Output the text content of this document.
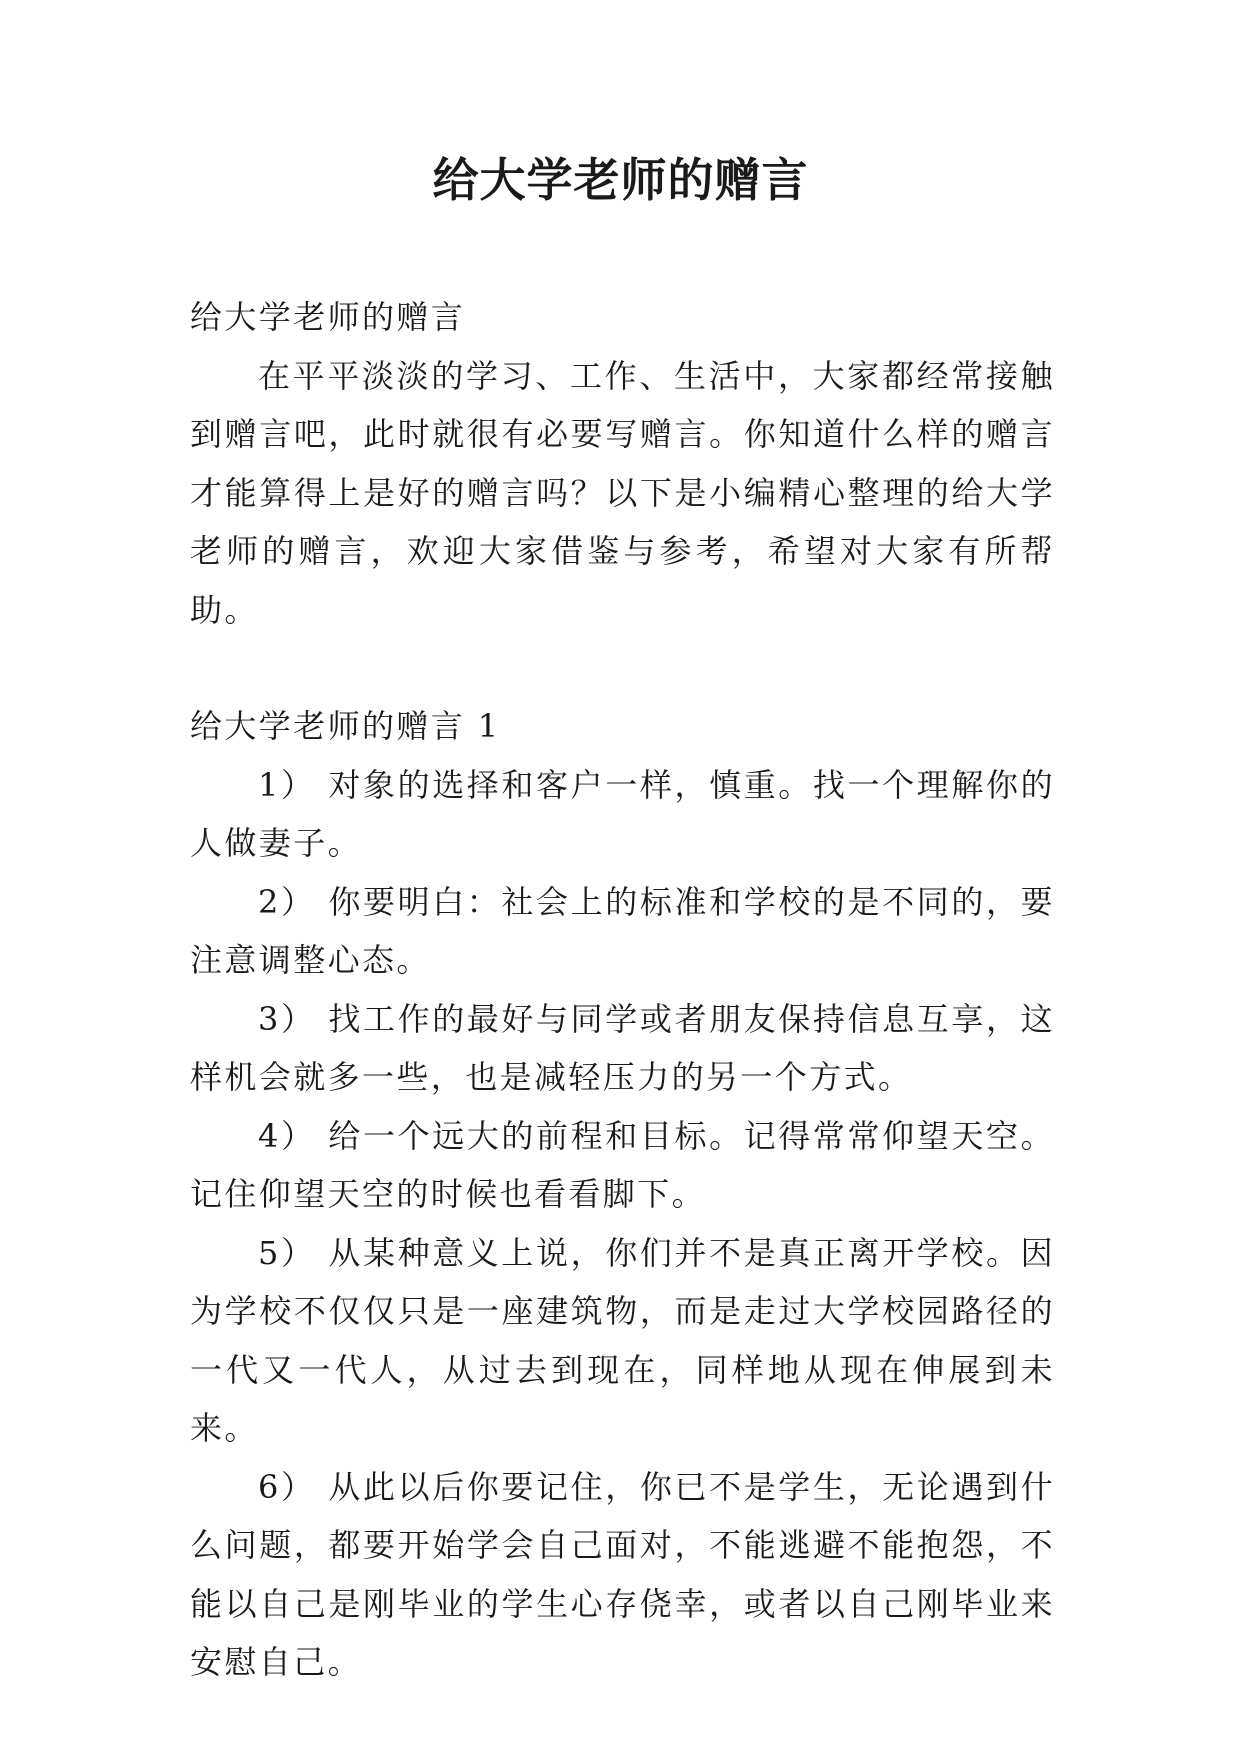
给大学老师的赠言

给大学老师的赠言

在平平淡淡的学习、工作、生活中，大家都经常接触到赠言吧，此时就很有必要写赠言。你知道什么样的赠言才能算得上是好的赠言吗？以下是小编精心整理的给大学老师的赠言，欢迎大家借鉴与参考，希望对大家有所帮助。

给大学老师的赠言 1

1） 对象的选择和客户一样，慎重。找一个理解你的人做妻子。

2） 你要明白：社会上的标准和学校的是不同的，要注意调整心态。

3） 找工作的最好与同学或者朋友保持信息互享，这样机会就多一些，也是减轻压力的另一个方式。

4） 给一个远大的前程和目标。记得常常仰望天空。记住仰望天空的时候也看看脚下。

5） 从某种意义上说，你们并不是真正离开学校。因为学校不仅仅只是一座建筑物，而是走过大学校园路径的一代又一代人，从过去到现在，同样地从现在伸展到未来。

6） 从此以后你要记住，你已不是学生，无论遇到什么问题，都要开始学会自己面对，不能逃避不能抱怨，不能以自己是刚毕业的学生心存侥幸，或者以自己刚毕业来安慰自己。
